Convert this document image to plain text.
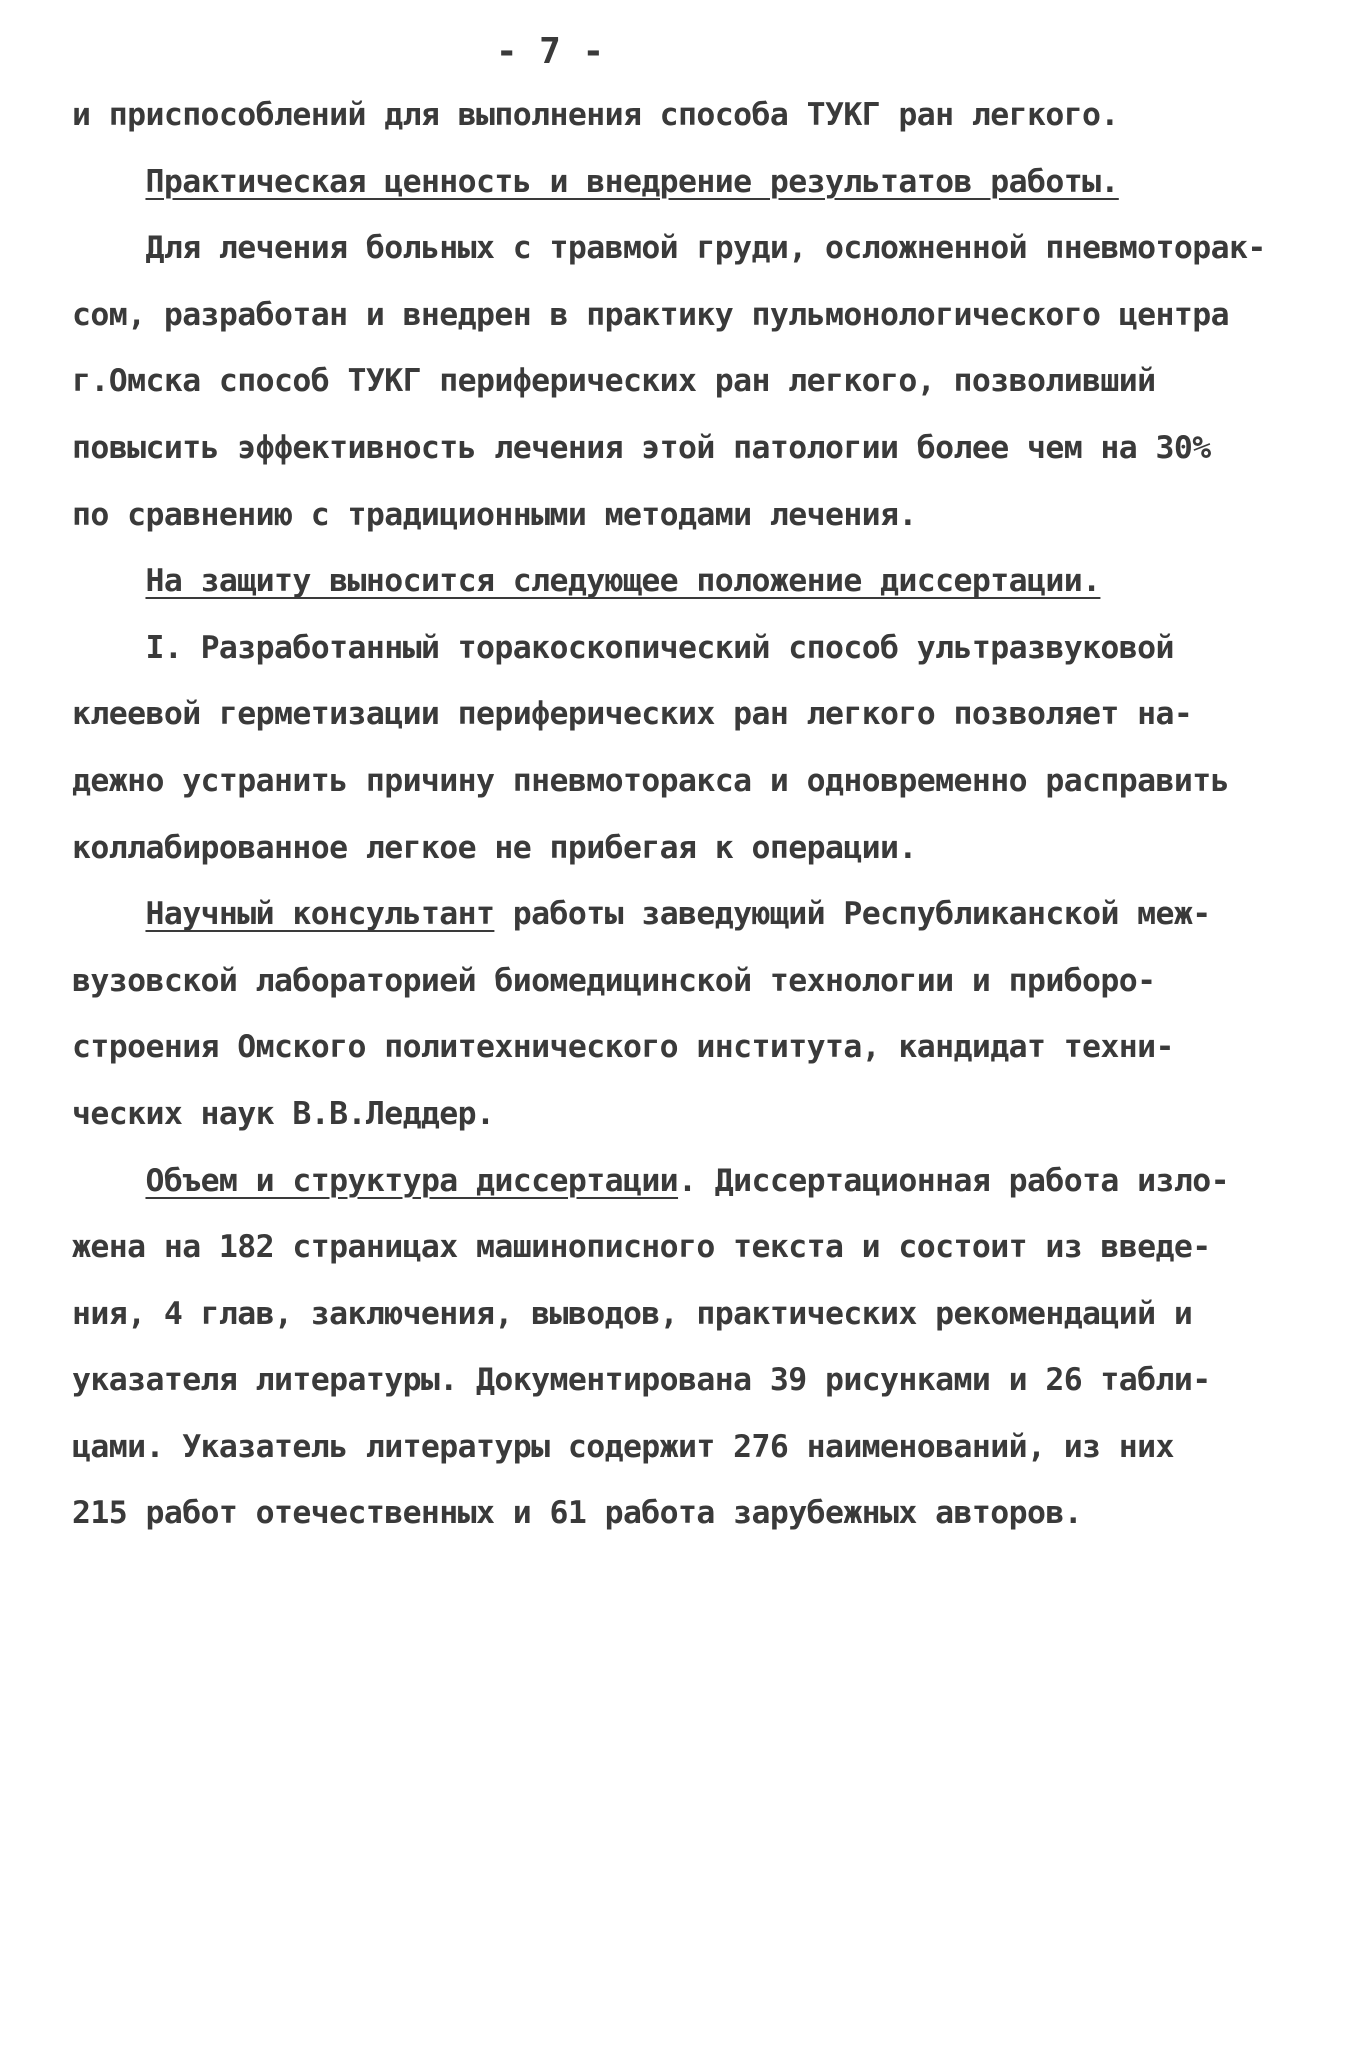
- 7 -
и приспособлений для выполнения способа ТУКГ ран легкого.
Практическая ценность и внедрение результатов работы.
Для лечения больных с травмой груди, осложненной пневмоторак-
сом, разработан и внедрен в практику пульмонологического центра
г.Омска способ ТУКГ периферических ран легкого, позволивший
повысить эффективность лечения этой патологии более чем на 30%
по сравнению с традиционными методами лечения.
На защиту выносится следующее положение диссертации.
I. Разработанный торакоскопический способ ультразвуковой
клеевой герметизации периферических ран легкого позволяет на-
дежно устранить причину пневмоторакса и одновременно расправить
коллабированное легкое не прибегая к операции.
Научный консультант работы заведующий Республиканской меж-
вузовской лабораторией биомедицинской технологии и приборо-
строения Омского политехнического института, кандидат техни-
ческих наук В.В.Леддер.
Объем и структура диссертации. Диссертационная работа изло-
жена на 182 страницах машинописного текста и состоит из введе-
ния, 4 глав, заключения, выводов, практических рекомендаций и
указателя литературы. Документирована 39 рисунками и 26 табли-
цами. Указатель литературы содержит 276 наименований, из них
215 работ отечественных и 61 работа зарубежных авторов.
